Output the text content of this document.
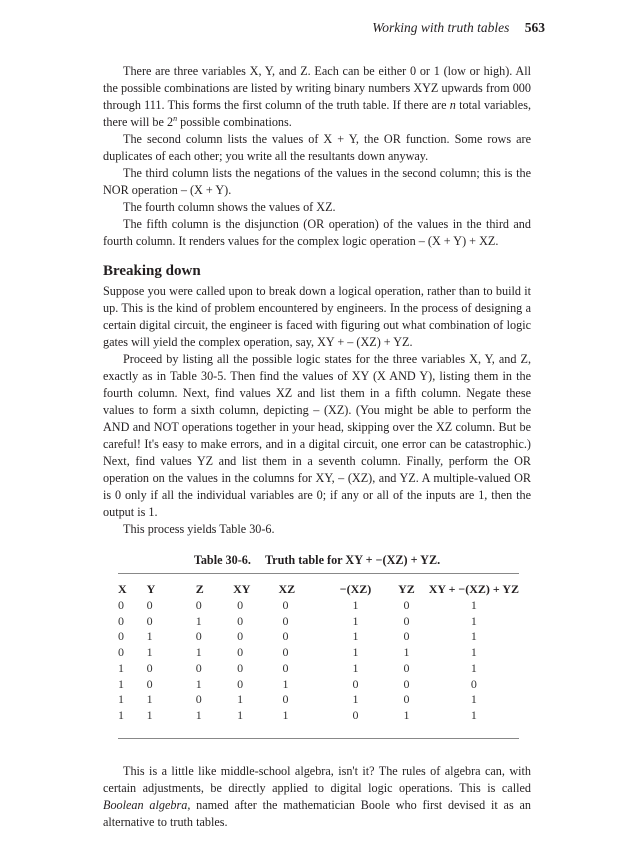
Working with truth tables 563

There are three variables X, Y, and Z. Each can be either 0 or 1 (low or high). All the possible combinations are listed by writing binary numbers XYZ upwards from 000 through 111. This forms the first column of the truth table. If there are n total variables, there will be 2$^n$ possible combinations.

The second column lists the values of X + Y, the OR function. Some rows are duplicates of each other; you write all the resultants down anyway.

The third column lists the negations of the values in the second column; this is the NOR operation – (X + Y).

The fourth column shows the values of XZ.

The fifth column is the disjunction (OR operation) of the values in the third and fourth column. It renders values for the complex logic operation – (X + Y) + XZ.

Breaking down

Suppose you were called upon to break down a logical operation, rather than to build it up. This is the kind of problem encountered by engineers. In the process of designing a certain digital circuit, the engineer is faced with figuring out what combination of logic gates will yield the complex operation, say, XY + – (XZ) + YZ.

Proceed by listing all the possible logic states for the three variables X, Y, and Z, exactly as in Table 30-5. Then find the values of XY (X AND Y), listing them in the fourth column. Next, find values XZ and list them in a fifth column. Negate these values to form a sixth column, depicting – (XZ). (You might be able to perform the AND and NOT operations together in your head, skipping over the XZ column. But be careful! It's easy to make errors, and in a digital circuit, one error can be catastrophic.) Next, find values YZ and list them in a seventh column. Finally, perform the OR operation on the values in the columns for XY, – (XZ), and YZ. A multiple-valued OR is 0 only if all the individual variables are 0; if any or all of the inputs are 1, then the output is 1.

This process yields Table 30-6.

Table 30-6. Truth table for XY + −(XZ) + YZ.
X	Y	Z	XY	XZ	−(XZ)	YZ	XY + −(XZ) + YZ
0	0	0	0	0	1	0	1
0	0	1	0	0	1	0	1
0	1	0	0	0	1	0	1
0	1	1	0	0	1	1	1
1	0	0	0	0	1	0	1
1	0	1	0	1	0	0	0
1	1	0	1	0	1	0	1
1	1	1	1	1	0	1	1

This is a little like middle-school algebra, isn't it? The rules of algebra can, with certain adjustments, be directly applied to digital logic operations. This is called Boolean algebra, named after the mathematician Boole who first devised it as an alternative to truth tables.
